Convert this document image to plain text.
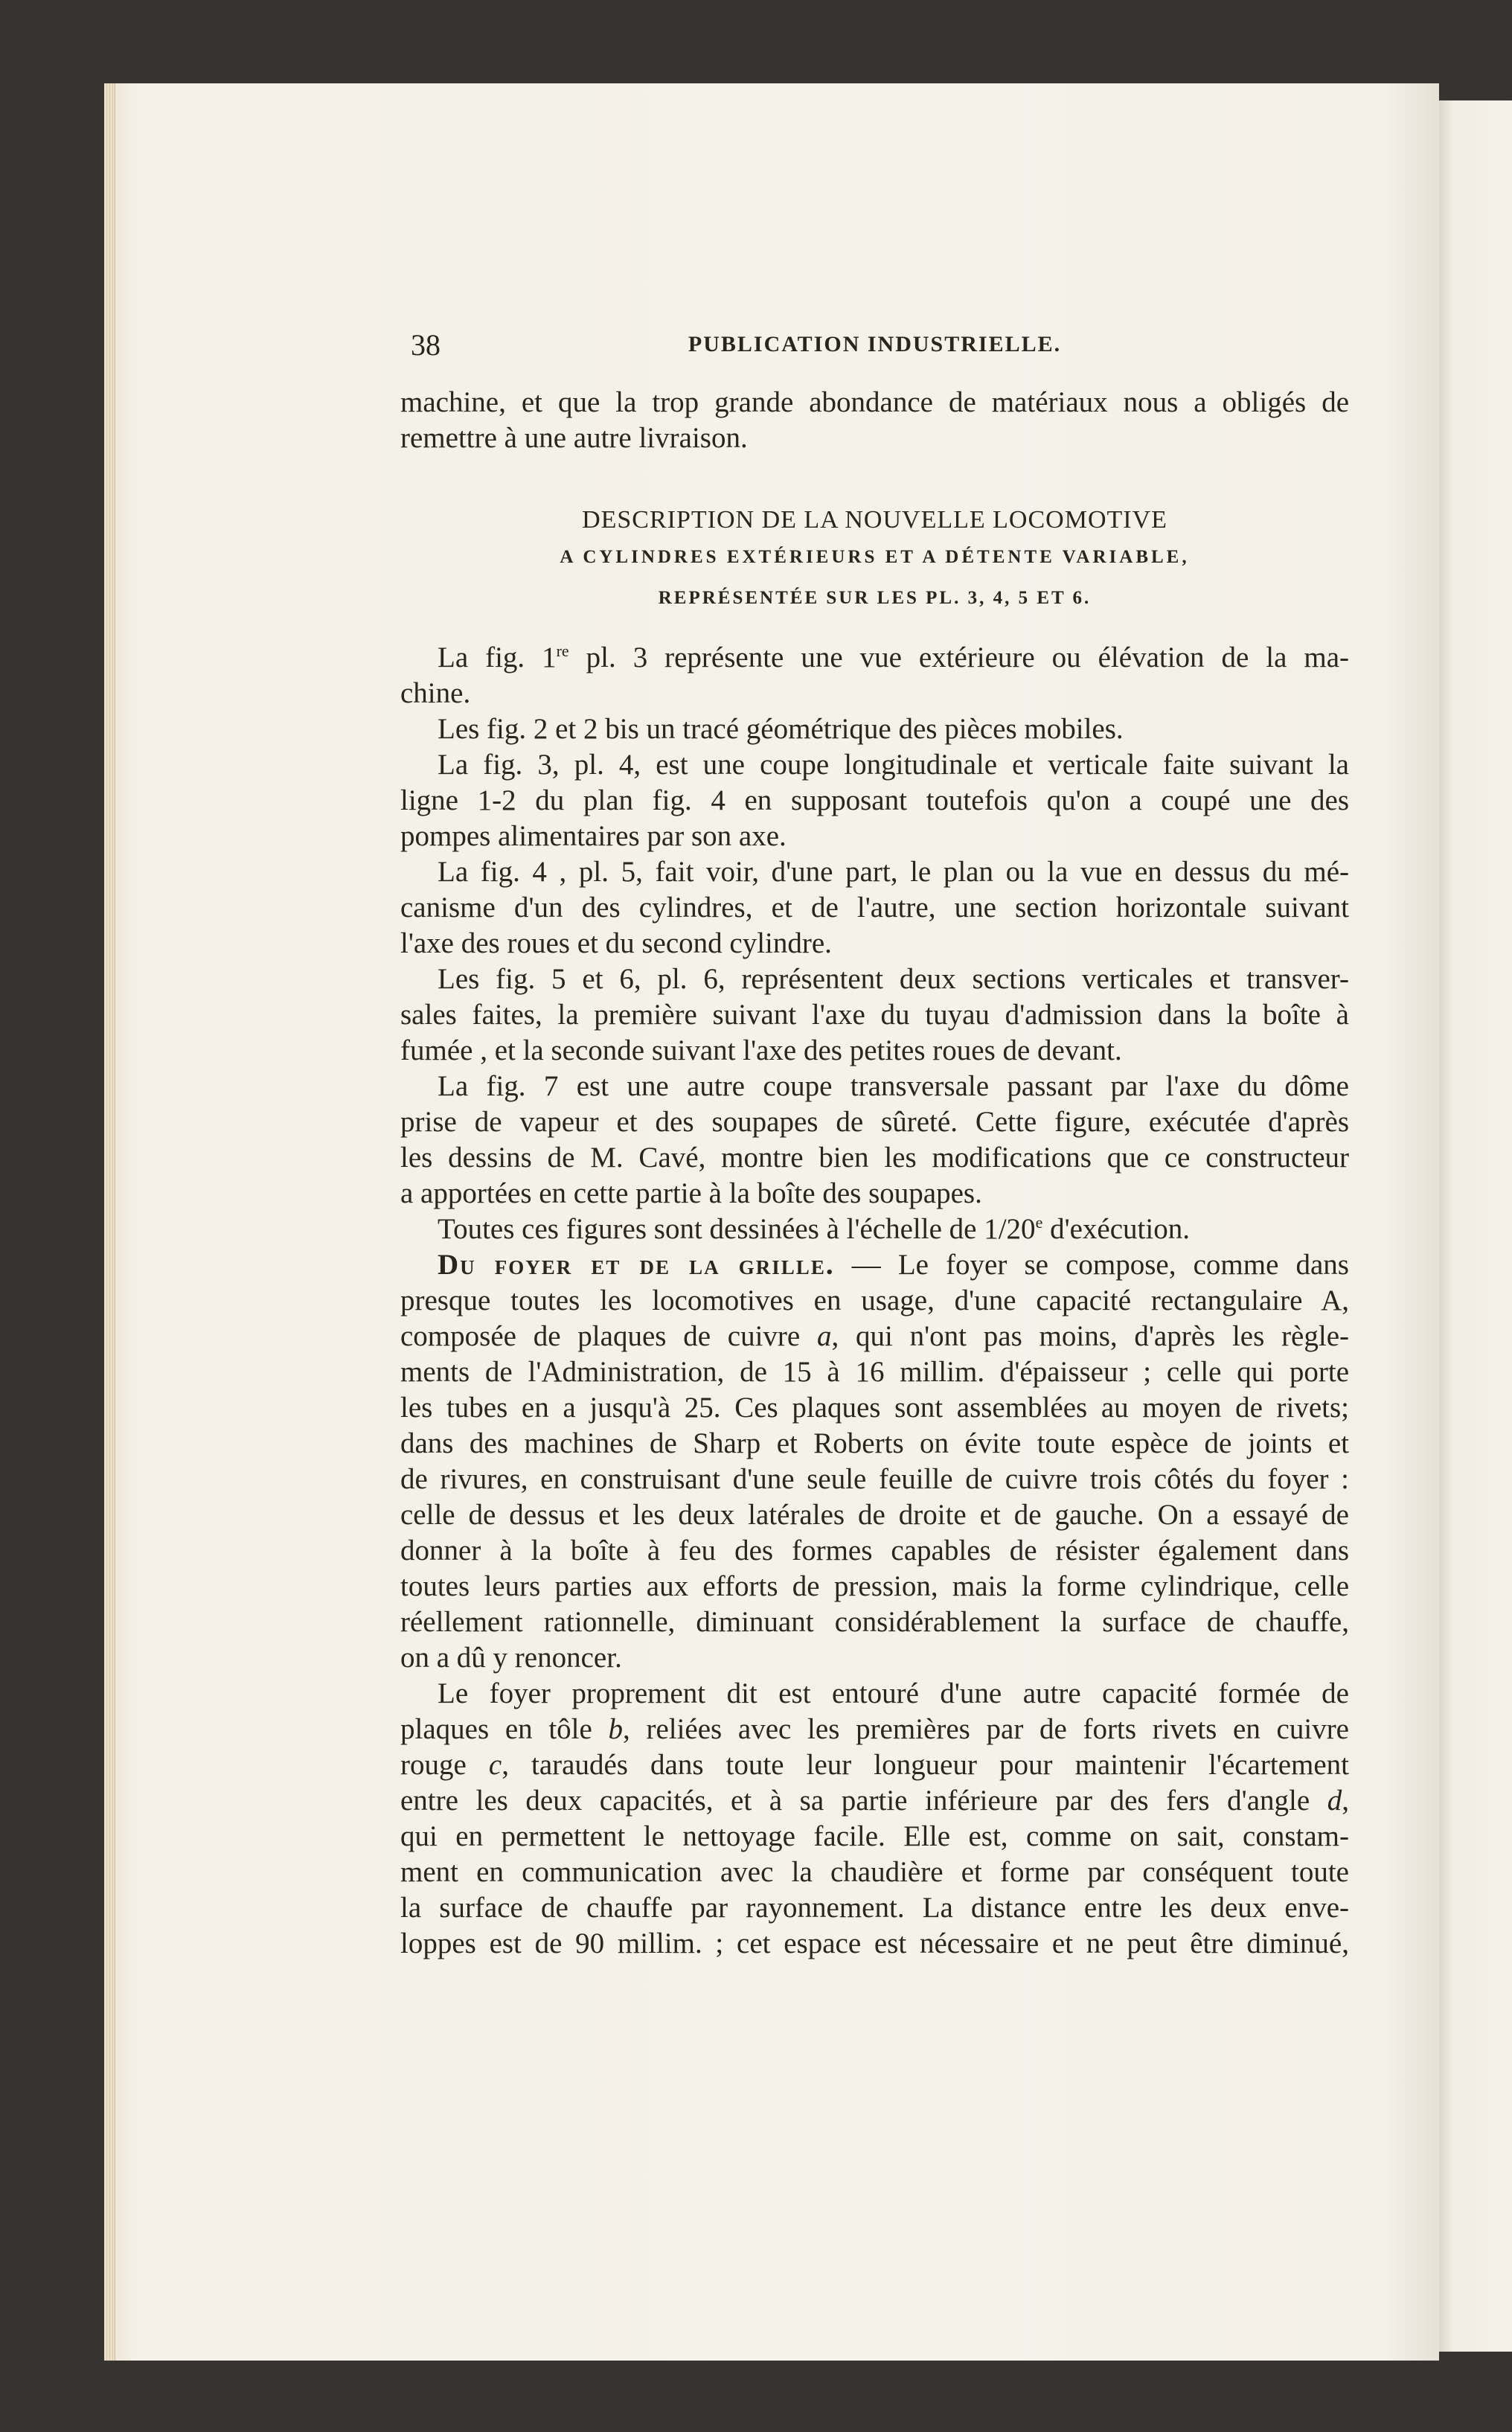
38	PUBLICATION INDUSTRIELLE.
machine, et que la trop grande abondance de matériaux nous a obligés de
remettre à une autre livraison.
DESCRIPTION DE LA NOUVELLE LOCOMOTIVE
A CYLINDRES EXTÉRIEURS ET A DÉTENTE VARIABLE,
REPRÉSENTÉE SUR LES PL. 3, 4, 5 ET 6.
La fig. 1re pl. 3 représente une vue extérieure ou élévation de la ma-
chine.
Les fig. 2 et 2 bis un tracé géométrique des pièces mobiles.
La fig. 3, pl. 4, est une coupe longitudinale et verticale faite suivant la
ligne 1-2 du plan fig. 4 en supposant toutefois qu'on a coupé une des
pompes alimentaires par son axe.
La fig. 4 , pl. 5, fait voir, d'une part, le plan ou la vue en dessus du mé-
canisme d'un des cylindres, et de l'autre, une section horizontale suivant
l'axe des roues et du second cylindre.
Les fig. 5 et 6, pl. 6, représentent deux sections verticales et transver-
sales faites, la première suivant l'axe du tuyau d'admission dans la boîte à
fumée , et la seconde suivant l'axe des petites roues de devant.
La fig. 7 est une autre coupe transversale passant par l'axe du dôme
prise de vapeur et des soupapes de sûreté. Cette figure, exécutée d'après
les dessins de M. Cavé, montre bien les modifications que ce constructeur
a apportées en cette partie à la boîte des soupapes.
Toutes ces figures sont dessinées à l'échelle de 1/20e d'exécution.
Du foyer et de la grille. — Le foyer se compose, comme dans
presque toutes les locomotives en usage, d'une capacité rectangulaire A,
composée de plaques de cuivre a, qui n'ont pas moins, d'après les règle-
ments de l'Administration, de 15 à 16 millim. d'épaisseur ; celle qui porte
les tubes en a jusqu'à 25. Ces plaques sont assemblées au moyen de rivets;
dans des machines de Sharp et Roberts on évite toute espèce de joints et
de rivures, en construisant d'une seule feuille de cuivre trois côtés du foyer :
celle de dessus et les deux latérales de droite et de gauche. On a essayé de
donner à la boîte à feu des formes capables de résister également dans
toutes leurs parties aux efforts de pression, mais la forme cylindrique, celle
réellement rationnelle, diminuant considérablement la surface de chauffe,
on a dû y renoncer.
Le foyer proprement dit est entouré d'une autre capacité formée de
plaques en tôle b, reliées avec les premières par de forts rivets en cuivre
rouge c, taraudés dans toute leur longueur pour maintenir l'écartement
entre les deux capacités, et à sa partie inférieure par des fers d'angle d,
qui en permettent le nettoyage facile. Elle est, comme on sait, constam-
ment en communication avec la chaudière et forme par conséquent toute
la surface de chauffe par rayonnement. La distance entre les deux enve-
loppes est de 90 millim. ; cet espace est nécessaire et ne peut être diminué,
